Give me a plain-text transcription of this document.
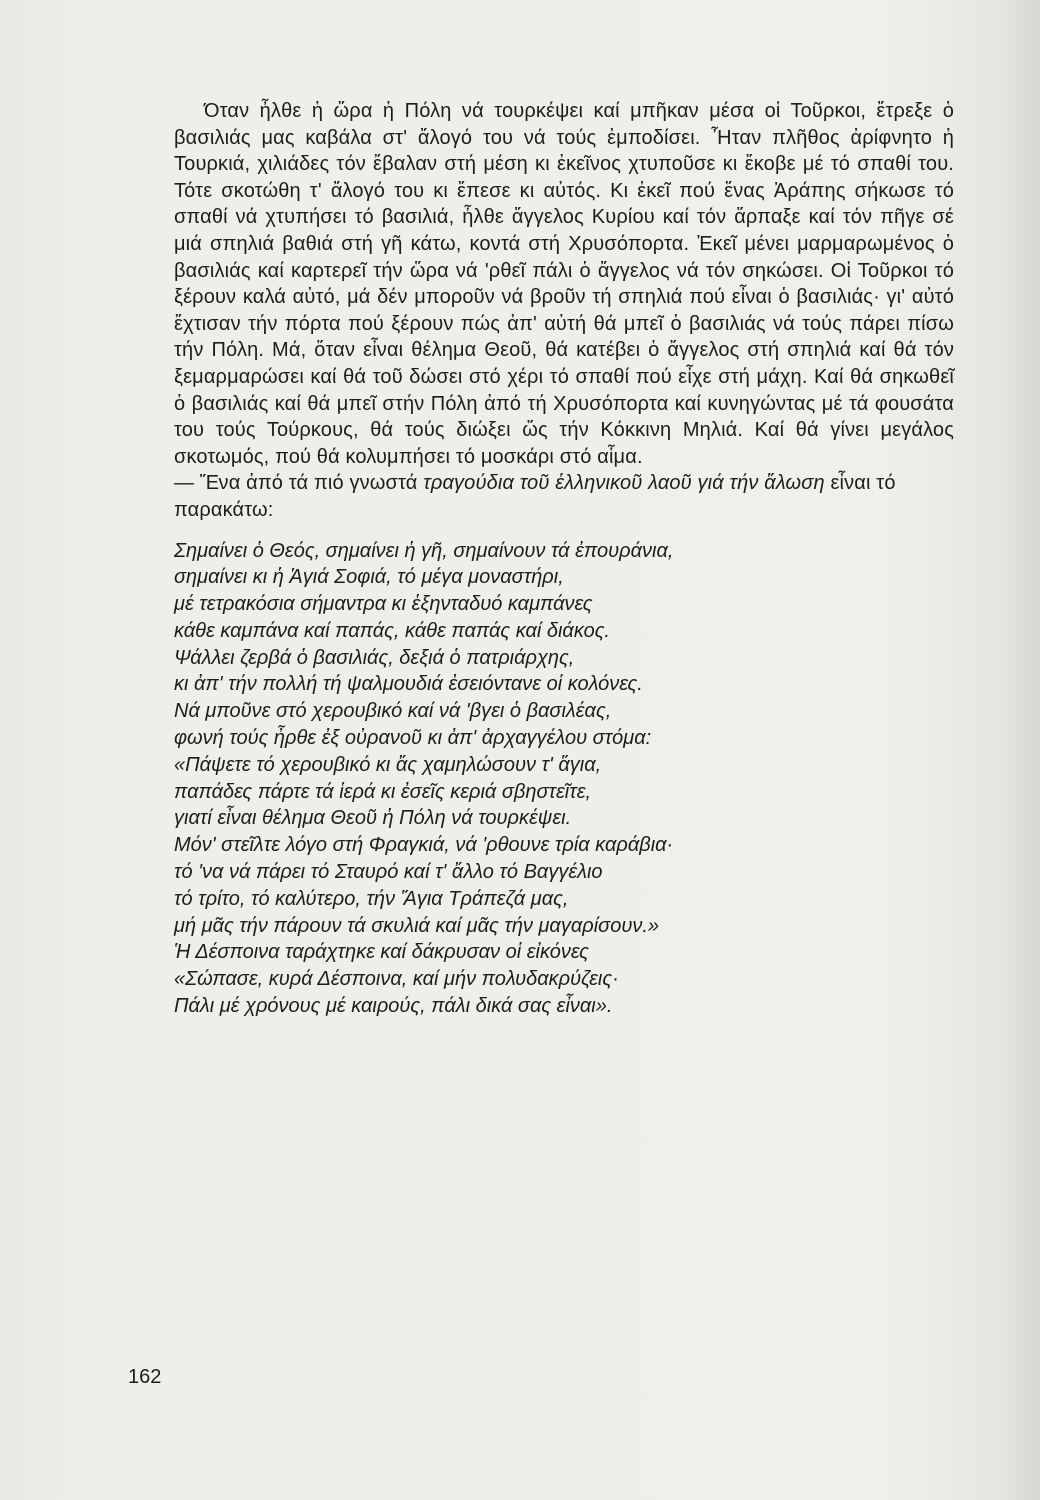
Όταν ἦλθε ἡ ὥρα ἡ Πόλη νά τουρκέψει καί μπῆκαν μέσα οἱ Τοῦρκοι, ἔτρεξε ὁ βασιλιάς μας καβάλα στ' ἄλογό του νά τούς ἐμποδίσει. Ἦταν πλῆθος ἀρίφνητο ἡ Τουρκιά, χιλιάδες τόν ἔβαλαν στή μέση κι ἐκεῖνος χτυποῦσε κι ἔκοβε μέ τό σπαθί του. Τότε σκοτώθη τ' ἄλογό του κι ἔπεσε κι αὐτός. Κι ἐκεῖ πού ἕνας Ἀράπης σήκωσε τό σπαθί νά χτυπήσει τό βασιλιά, ἦλθε ἄγγελος Κυρίου καί τόν ἅρπαξε καί τόν πῆγε σέ μιά σπηλιά βαθιά στή γῆ κάτω, κοντά στή Χρυσόπορτα. Ἐκεῖ μένει μαρμαρωμένος ὁ βασιλιάς καί καρτερεῖ τήν ὥρα νά 'ρθεῖ πάλι ὁ ἄγγελος νά τόν σηκώσει. Οἱ Τοῦρκοι τό ξέρουν καλά αὐτό, μά δέν μποροῦν νά βροῦν τή σπηλιά πού εἶναι ὁ βασιλιάς· γι' αὐτό ἔχτισαν τήν πόρτα πού ξέρουν πώς ἀπ' αὐτή θά μπεῖ ὁ βασιλιάς νά τούς πάρει πίσω τήν Πόλη. Μά, ὅταν εἶναι θέλημα Θεοῦ, θά κατέβει ὁ ἄγγελος στή σπηλιά καί θά τόν ξεμαρμαρώσει καί θά τοῦ δώσει στό χέρι τό σπαθί πού εἶχε στή μάχη. Καί θά σηκωθεῖ ὁ βασιλιάς καί θά μπεῖ στήν Πόλη ἀπό τή Χρυσόπορτα καί κυνηγώντας μέ τά φουσάτα του τούς Τούρκους, θά τούς διώξει ὥς τήν Κόκκινη Μηλιά. Καί θά γίνει μεγάλος σκοτωμός, πού θά κολυμπήσει τό μοσκάρι στό αἷμα.

— Ἕνα ἀπό τά πιό γνωστά τραγούδια τοῦ ἑλληνικοῦ λαοῦ γιά τήν ἅλωση εἶναι τό παρακάτω:

Σημαίνει ὁ Θεός, σημαίνει ἡ γῆ, σημαίνουν τά ἐπουράνια,
σημαίνει κι ἡ Ἁγιά Σοφιά, τό μέγα μοναστήρι,
μέ τετρακόσια σήμαντρα κι ἑξηνταδυό καμπάνες
κάθε καμπάνα καί παπάς, κάθε παπάς καί διάκος.
Ψάλλει ζερβά ὁ βασιλιάς, δεξιά ὁ πατριάρχης,
κι ἀπ' τήν πολλή τή ψαλμουδιά ἐσειόντανε οἱ κολόνες.
Νά μποῦνε στό χερουβικό καί νά 'βγει ὁ βασιλέας,
φωνή τούς ἦρθε ἐξ οὐρανοῦ κι ἀπ' ἀρχαγγέλου στόμα:
«Πάψετε τό χερουβικό κι ἄς χαμηλώσουν τ' ἅγια,
παπάδες πάρτε τά ἱερά κι ἐσεῖς κεριά σβηστεῖτε,
γιατί εἶναι θέλημα Θεοῦ ἡ Πόλη νά τουρκέψει.
Μόν' στεῖλτε λόγο στή Φραγκιά, νά 'ρθουνε τρία καράβια·
τό 'να νά πάρει τό Σταυρό καί τ' ἄλλο τό Βαγγέλιο
τό τρίτο, τό καλύτερο, τήν Ἅγια Τράπεζά μας,
μή μᾶς τήν πάρουν τά σκυλιά καί μᾶς τήν μαγαρίσουν.»
Ἡ Δέσποινα ταράχτηκε καί δάκρυσαν οἱ εἰκόνες
«Σώπασε, κυρά Δέσποινα, καί μήν πολυδακρύζεις·
Πάλι μέ χρόνους μέ καιρούς, πάλι δικά σας εἶναι».
162
